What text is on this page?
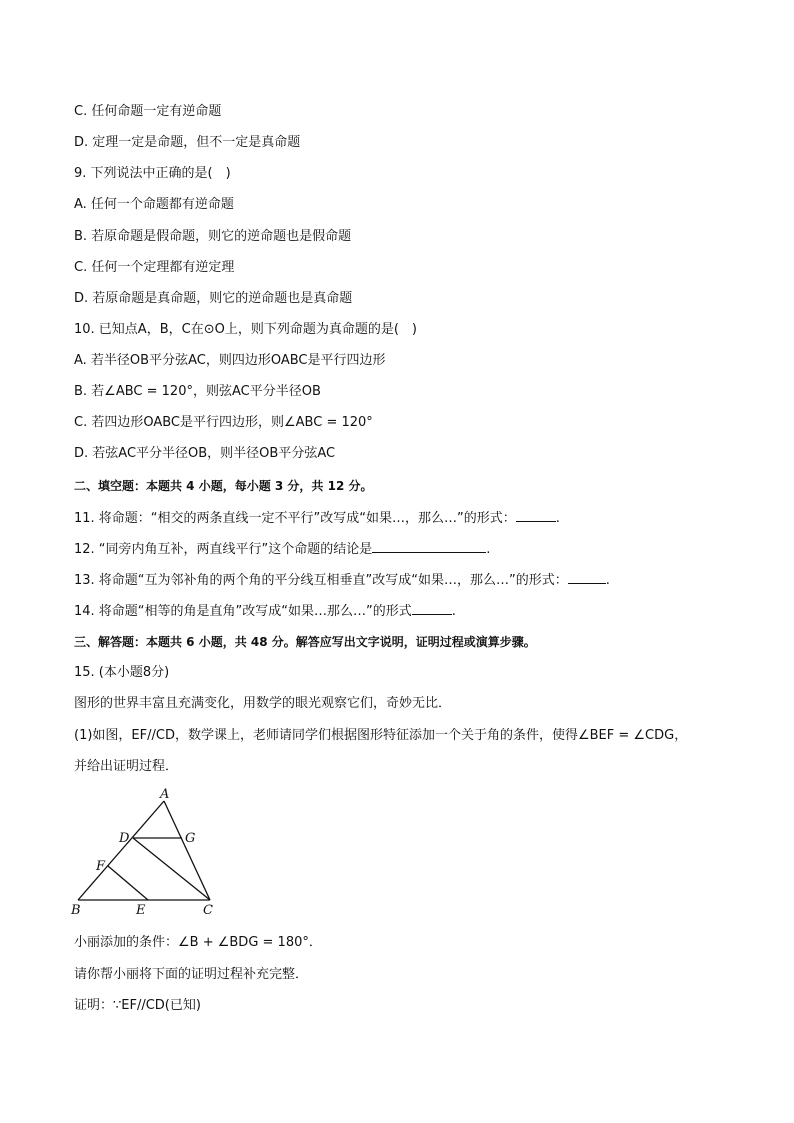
C. 任何命题一定有逆命题
D. 定理一定是命题，但不一定是真命题
9. 下列说法中正确的是(　)
A. 任何一个命题都有逆命题
B. 若原命题是假命题，则它的逆命题也是假命题
C. 任何一个定理都有逆定理
D. 若原命题是真命题，则它的逆命题也是真命题
10. 已知点A，B，C在⊙O上，则下列命题为真命题的是(　)
A. 若半径OB平分弦AC，则四边形OABC是平行四边形
B. 若∠ABC = 120°，则弦AC平分半径OB
C. 若四边形OABC是平行四边形，则∠ABC = 120°
D. 若弦AC平分半径OB，则半径OB平分弦AC
二、填空题：本题共 4 小题，每小题 3 分，共 12 分。
11. 将命题：“相交的两条直线一定不平行”改写成“如果…，那么…”的形式：	.
12. “同旁内角互补，两直线平行”这个命题的结论是	.
13. 将命题“互为邻补角的两个角的平分线互相垂直”改写成“如果…，那么…”的形式：	.
14. 将命题“相等的角是直角”改写成“如果…那么…”的形式	.
三、解答题：本题共 6 小题，共 48 分。解答应写出文字说明，证明过程或演算步骤。
15. (本小题8分)
图形的世界丰富且充满变化，用数学的眼光观察它们，奇妙无比．
(1)如图，EF//CD，数学课上，老师请同学们根据图形特征添加一个关于角的条件，使得∠BEF = ∠CDG，
并给出证明过程．
A
D	G
F
B	E	C
小丽添加的条件：∠B + ∠BDG = 180°．
请你帮小丽将下面的证明过程补充完整．
证明：∵EF//CD(已知)
